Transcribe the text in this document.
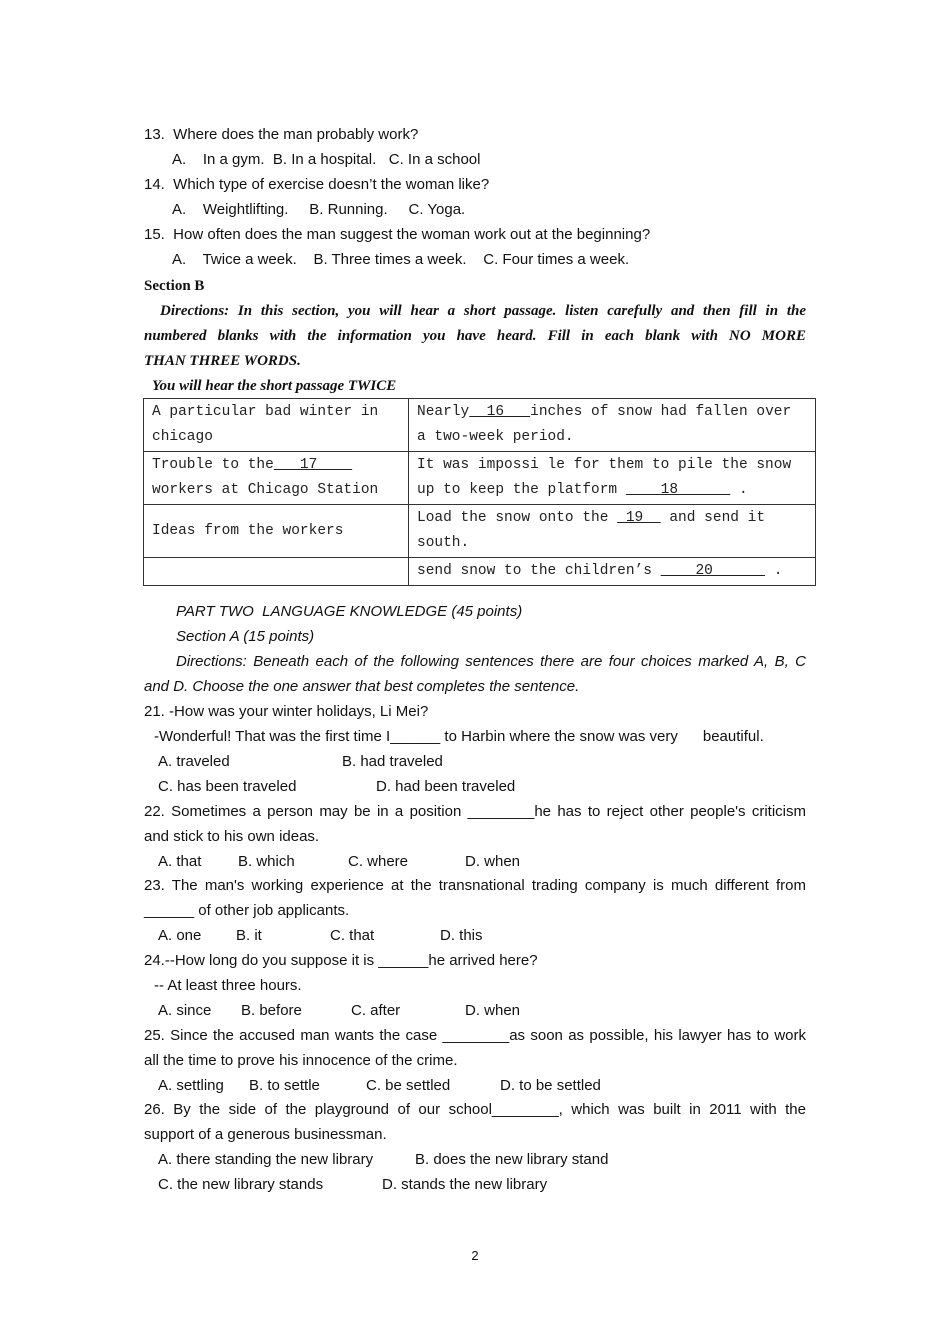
13.  Where does the man probably work?
A.    In a gym.  B. In a hospital.   C. In a school
14.  Which type of exercise doesn’t the woman like?
A.    Weightlifting.     B. Running.     C. Yoga.
15.  How often does the man suggest the woman work out at the beginning?
A.    Twice a week.    B. Three times a week.    C. Four times a week.
Section B
Directions: In this section, you will hear a short passage. listen carefully and then fill in the
numbered blanks with the information you have heard. Fill in each blank with NO MORE
THAN THREE WORDS.
You will hear the short passage TWICE
A particular bad winter in chicago	Nearly  16   inches of snow had fallen over a two-week period.
Trouble to the   17
workers at Chicago Station	It was impossi le for them to pile the snow up to keep the platform     18       .
Ideas from the workers	Load the snow onto the  19   and send it south.
	send snow to the children’s     20       .
PART TWO  LANGUAGE KNOWLEDGE (45 points)
Section A (15 points)
Directions: Beneath each of the following sentences there are four choices marked A, B, C
and D. Choose the one answer that best completes the sentence.
21. -How was your winter holidays, Li Mei?
-Wonderful! That was the first time I______ to Harbin where the snow was very      beautiful.
A. traveled	B. had traveled
C. has been traveled	D. had been traveled
22. Sometimes a person may be in a position ________he has to reject other people's criticism
and stick to his own ideas.
A. that B. which	C. where	D. when
23. The man's working experience at the transnational trading company is much different from
______ of other job applicants.
A. one B. it	C. that	D. this
24.--How long do you suppose it is ______he arrived here?
-- At least three hours.
A. since B. before	C. after	D. when
25. Since the accused man wants the case ________as soon as possible, his lawyer has to work
all the time to prove his innocence of the crime.
A. settling B. to settle	C. be settled	D. to be settled
26. By the side of the playground of our school________, which was built in 2011 with the
support of a generous businessman.
A. there standing the new library	B. does the new library stand
C. the new library stands	D. stands the new library
2
